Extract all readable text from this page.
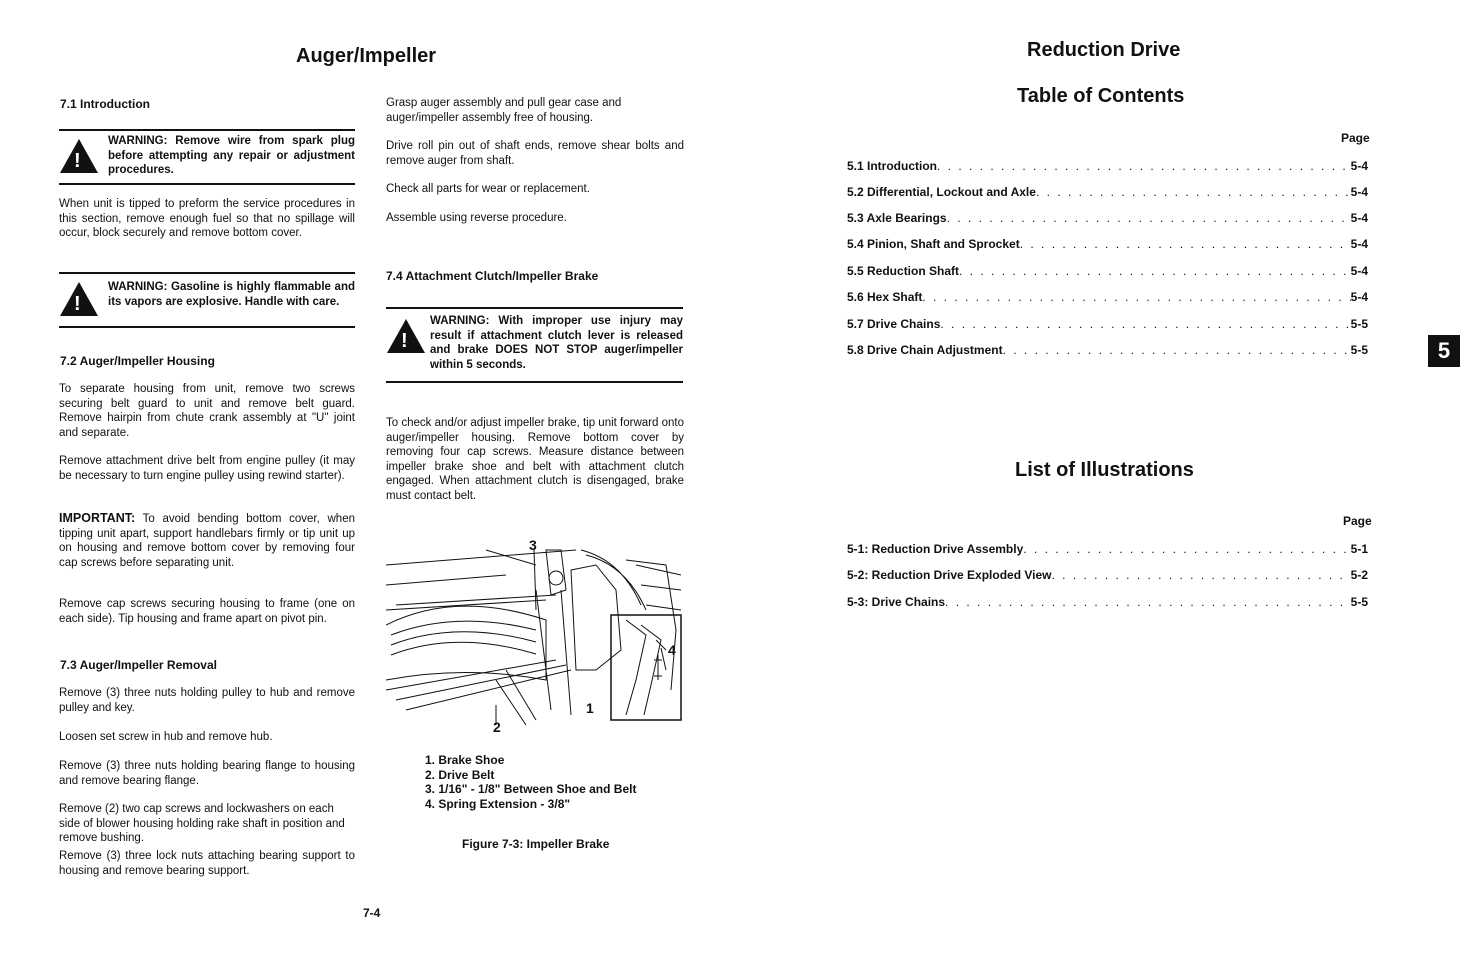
Auger/Impeller
7.1 Introduction
!
WARNING: Remove wire from spark plug before attempting any repair or adjustment procedures.
When unit is tipped to preform the service procedures in this section, remove enough fuel so that no spillage will occur, block securely and remove bottom cover.
!
WARNING: Gasoline is highly flammable and its vapors are explosive. Handle with care.
7.2 Auger/Impeller Housing
To separate housing from unit, remove two screws securing belt guard to unit and remove belt guard. Remove hairpin from chute crank assembly at "U" joint and separate.
Remove attachment drive belt from engine pulley (it may be necessary to turn engine pulley using rewind starter).
IMPORTANT: To avoid bending bottom cover, when tipping unit apart, support handlebars firmly or tip unit up on housing and remove bottom cover by removing four cap screws before separating unit.
Remove cap screws securing housing to frame (one on each side). Tip housing and frame apart on pivot pin.
7.3 Auger/Impeller Removal
Remove (3) three nuts holding pulley to hub and remove pulley and key.
Loosen set screw in hub and remove hub.
Remove (3) three nuts holding bearing flange to housing and remove bearing flange.
Remove (2) two cap screws and lockwashers on each side of blower housing holding rake shaft in position and remove bushing.
Remove (3) three lock nuts attaching bearing support to housing and remove bearing support.
Grasp auger assembly and pull gear case and auger/impeller assembly free of housing.
Drive roll pin out of shaft ends, remove shear bolts and remove auger from shaft.
Check all parts for wear or replacement.
Assemble using reverse procedure.
7.4 Attachment Clutch/Impeller Brake
!
WARNING: With improper use injury may result if attachment clutch lever is released and brake DOES NOT STOP auger/impeller within 5 seconds.
To check and/or adjust impeller brake, tip unit forward onto auger/impeller housing. Remove bottom cover by removing four cap screws. Measure distance between impeller brake shoe and belt with attachment clutch engaged. When attachment clutch is disengaged, brake must contact belt.
3
4
1
2
1. Brake Shoe
2. Drive Belt
3. 1/16" - 1/8" Between Shoe and Belt
4. Spring Extension - 3/8"
Figure 7-3: Impeller Brake
7-4
Reduction Drive
Table of Contents
Page
5.1 Introduction . . .	5-4
5.2 Differential, Lockout and Axle . . .	5-4
5.3 Axle Bearings . . .	5-4
5.4 Pinion, Shaft and Sprocket . . .	5-4
5.5 Reduction Shaft . . .	5-4
5.6 Hex Shaft . . .	5-4
5.7 Drive Chains . . .	5-5
5.8 Drive Chain Adjustment . . .	5-5	5
List of Illustrations
Page
5-1: Reduction Drive Assembly . . .	5-1
5-2: Reduction Drive Exploded View . . .	5-2
5-3: Drive Chains . . .	5-5
